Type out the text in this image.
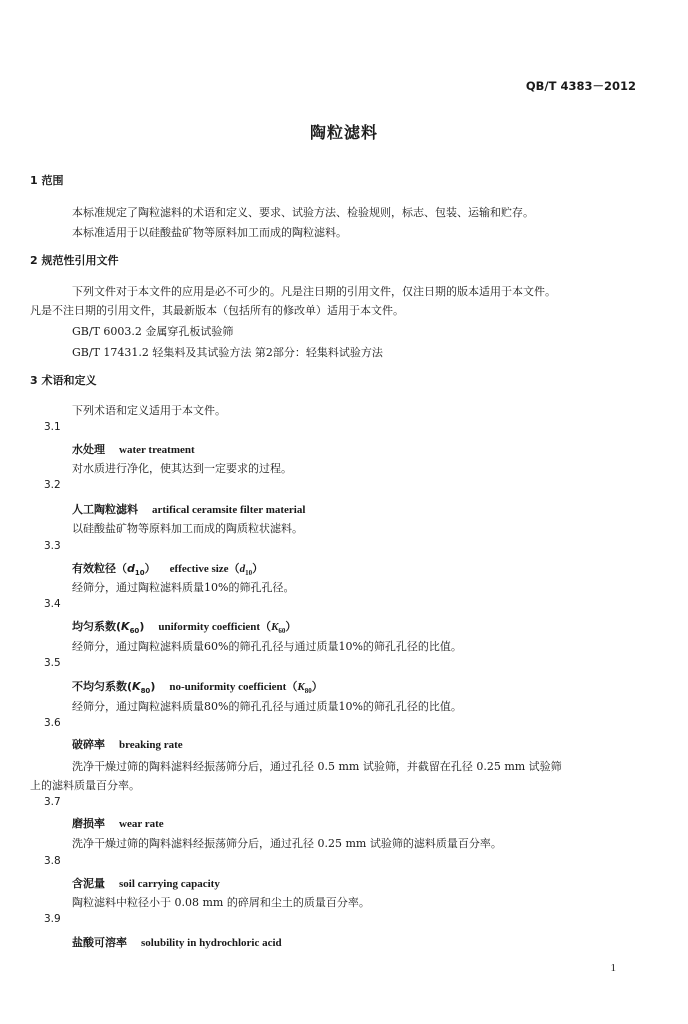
QB/T 4383－2012
陶粒滤料
1 范围
本标准规定了陶粒滤料的术语和定义、要求、试验方法、检验规则，标志、包装、运输和贮存。
本标准适用于以硅酸盐矿物等原料加工而成的陶粒滤料。
2 规范性引用文件
下列文件对于本文件的应用是必不可少的。凡是注日期的引用文件，仅注日期的版本适用于本文件。
凡是不注日期的引用文件，其最新版本（包括所有的修改单）适用于本文件。
GB/T 6003.2 金属穿孔板试验筛
GB/T 17431.2 轻集料及其试验方法 第2部分：轻集料试验方法
3 术语和定义
下列术语和定义适用于本文件。
3.1
水处理 water treatment
对水质进行净化，使其达到一定要求的过程。
3.2
人工陶粒滤料 artifical ceramsite filter material
以硅酸盐矿物等原料加工而成的陶质粒状滤料。
3.3
有效粒径$(d_{10})$ effective $size(d_{10})$
经筛分，通过陶粒滤料质量10%的筛孔孔径。
3.4
均匀系数$(K_{60})$ uniformity $coefficient(K_{60})$
经筛分，通过陶粒滤料质量60%的筛孔孔径与通过质量10%的筛孔孔径的比值。
3.5
不均匀系数$(K_{80})$ no-uniformity $coefficient(K_{80})$
经筛分，通过陶粒滤料质量80%的筛孔孔径与通过质量10%的筛孔孔径的比值。
3.6
破碎率 breaking rate
洗净干燥过筛的陶料滤料经振荡筛分后，通过孔径 0.5 mm 试验筛，并截留在孔径 0.25 mm 试验筛
上的滤料质量百分率。
3.7
磨损率 wear rate
洗净干燥过筛的陶料滤料经振荡筛分后，通过孔径 0.25 mm 试验筛的滤料质量百分率。
3.8
含泥量 soil carrying capacity
陶粒滤料中粒径小于 0.08 mm 的碎屑和尘土的质量百分率。
3.9
盐酸可溶率 solubility in hydrochloric acid
1
